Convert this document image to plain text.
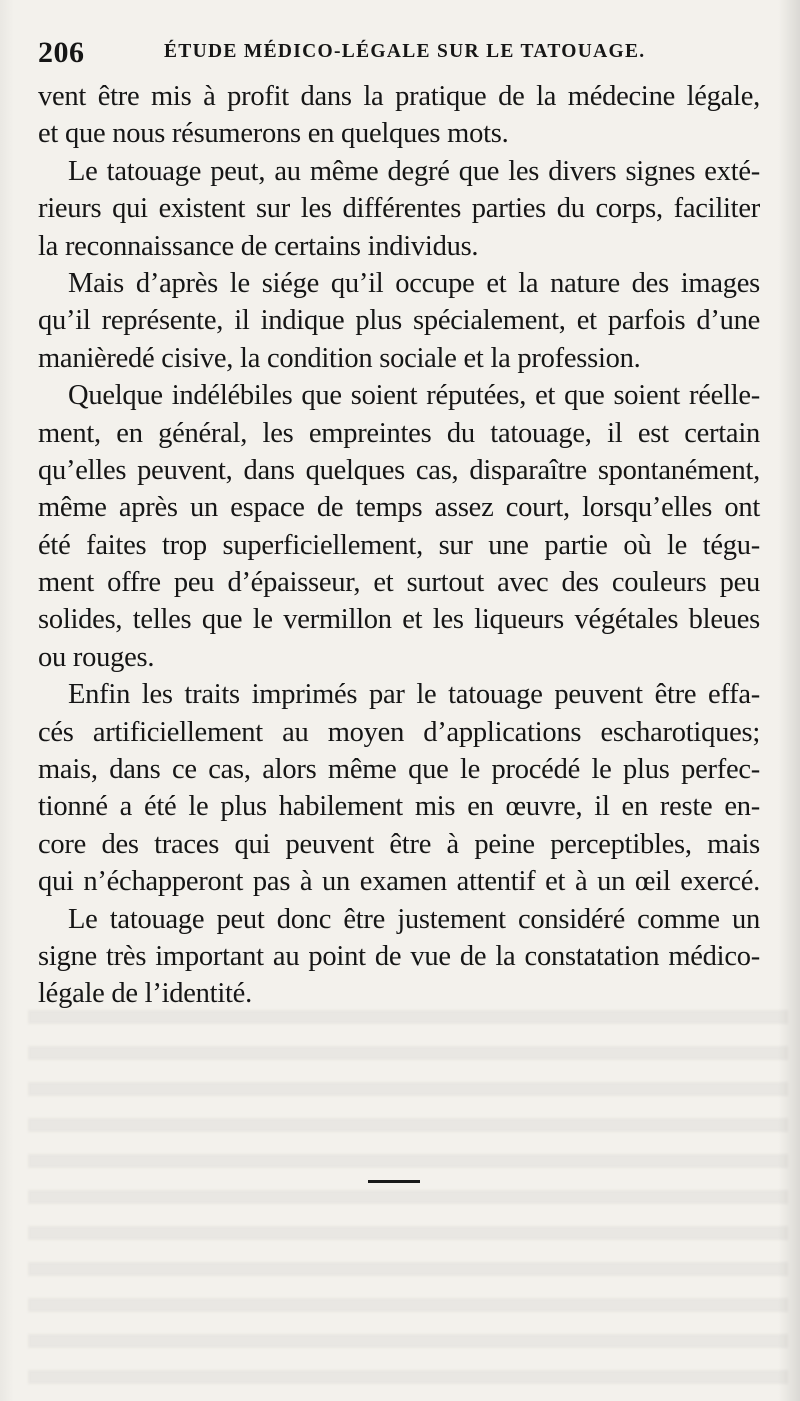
206	ÉTUDE MÉDICO-LÉGALE SUR LE TATOUAGE.
vent être mis à profit dans la pratique de la médecine légale,
et que nous résumerons en quelques mots.
Le tatouage peut, au même degré que les divers signes exté-
rieurs qui existent sur les différentes parties du corps, faciliter
la reconnaissance de certains individus.
Mais d’après le siége qu’il occupe et la nature des images
qu’il représente, il indique plus spécialement, et parfois d’une
manièredé cisive, la condition sociale et la profession.
Quelque indélébiles que soient réputées, et que soient réelle-
ment, en général, les empreintes du tatouage, il est certain
qu’elles peuvent, dans quelques cas, disparaître spontanément,
même après un espace de temps assez court, lorsqu’elles ont
été faites trop superficiellement, sur une partie où le tégu-
ment offre peu d’épaisseur, et surtout avec des couleurs peu
solides, telles que le vermillon et les liqueurs végétales bleues
ou rouges.
Enfin les traits imprimés par le tatouage peuvent être effa-
cés artificiellement au moyen d’applications escharotiques;
mais, dans ce cas, alors même que le procédé le plus perfec-
tionné a été le plus habilement mis en œuvre, il en reste en-
core des traces qui peuvent être à peine perceptibles, mais
qui n’échapperont pas à un examen attentif et à un œil exercé.
Le tatouage peut donc être justement considéré comme un
signe très important au point de vue de la constatation médico-
légale de l’identité.
